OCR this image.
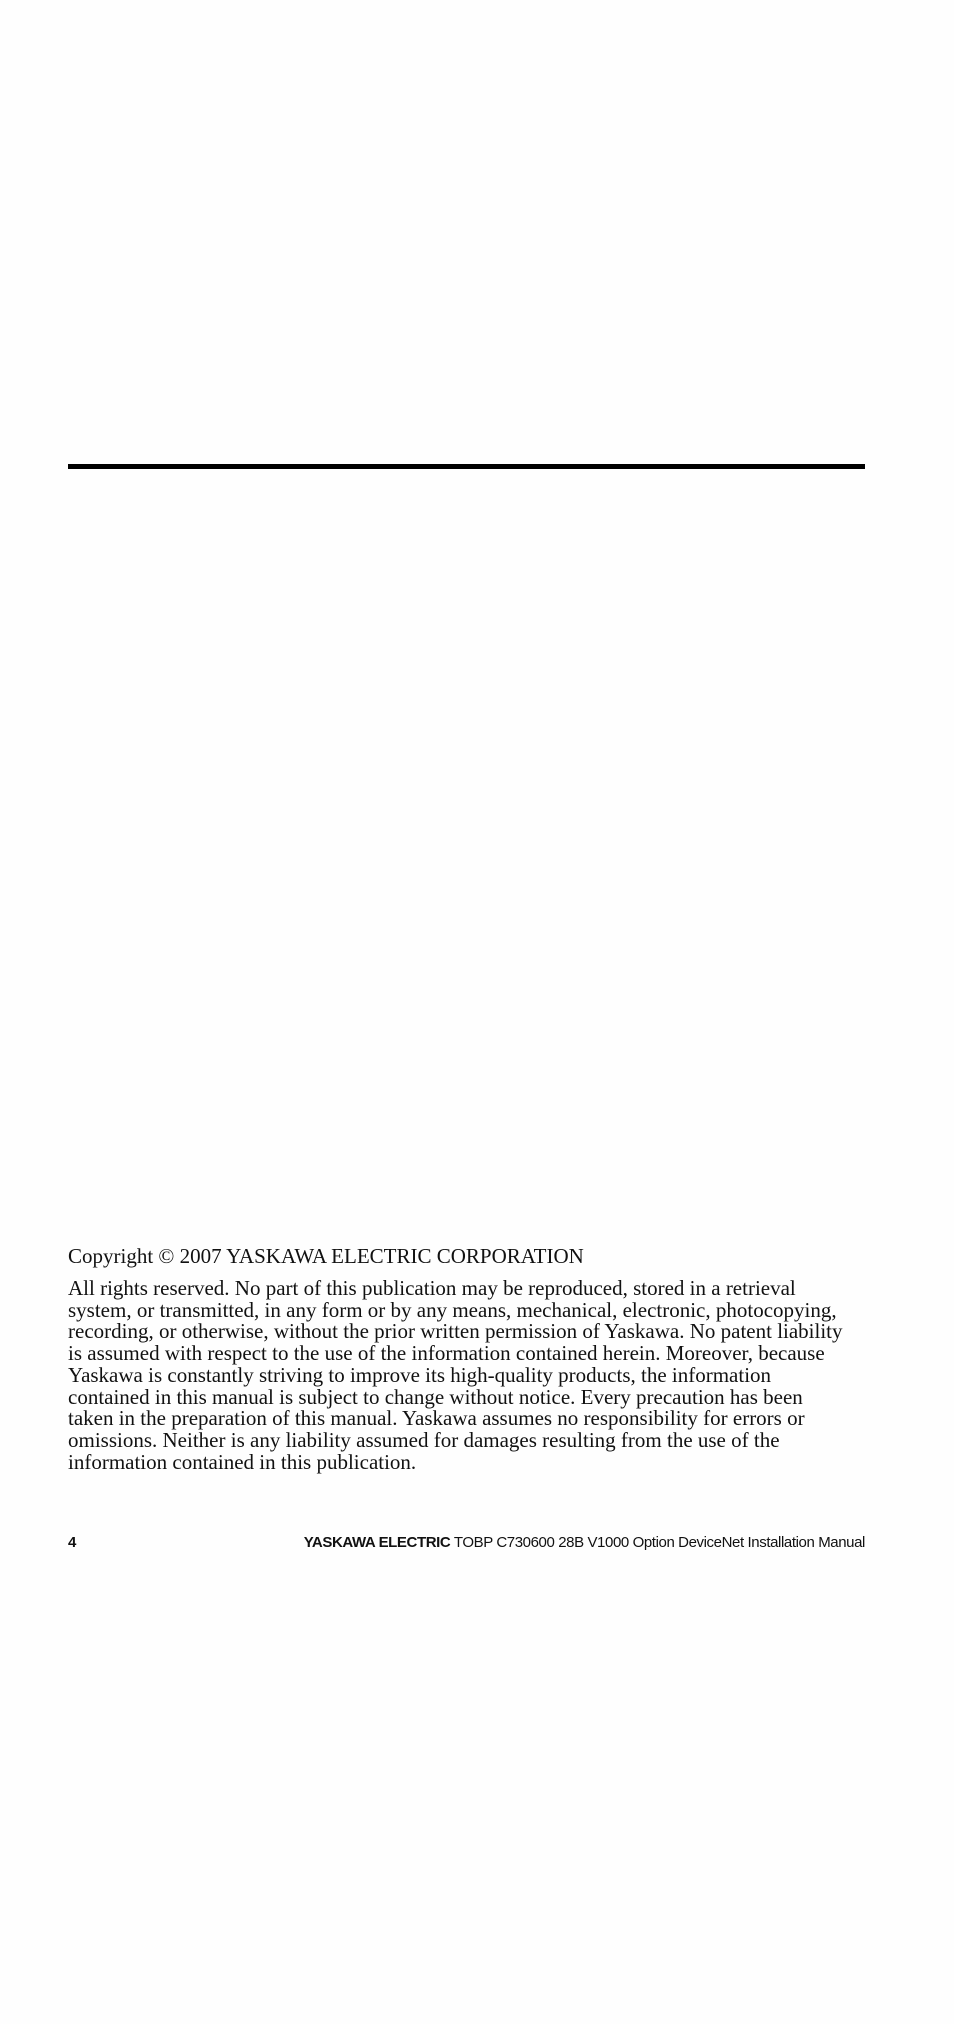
Copyright © 2007 YASKAWA ELECTRIC CORPORATION
All rights reserved. No part of this publication may be reproduced, stored in a retrieval
system, or transmitted, in any form or by any means, mechanical, electronic, photocopying,
recording, or otherwise, without the prior written permission of Yaskawa. No patent liability
is assumed with respect to the use of the information contained herein. Moreover, because
Yaskawa is constantly striving to improve its high-quality products, the information
contained in this manual is subject to change without notice. Every precaution has been
taken in the preparation of this manual. Yaskawa assumes no responsibility for errors or
omissions. Neither is any liability assumed for damages resulting from the use of the
information contained in this publication.
4	YASKAWA ELECTRIC TOBP C730600 28B V1000 Option DeviceNet Installation Manual
